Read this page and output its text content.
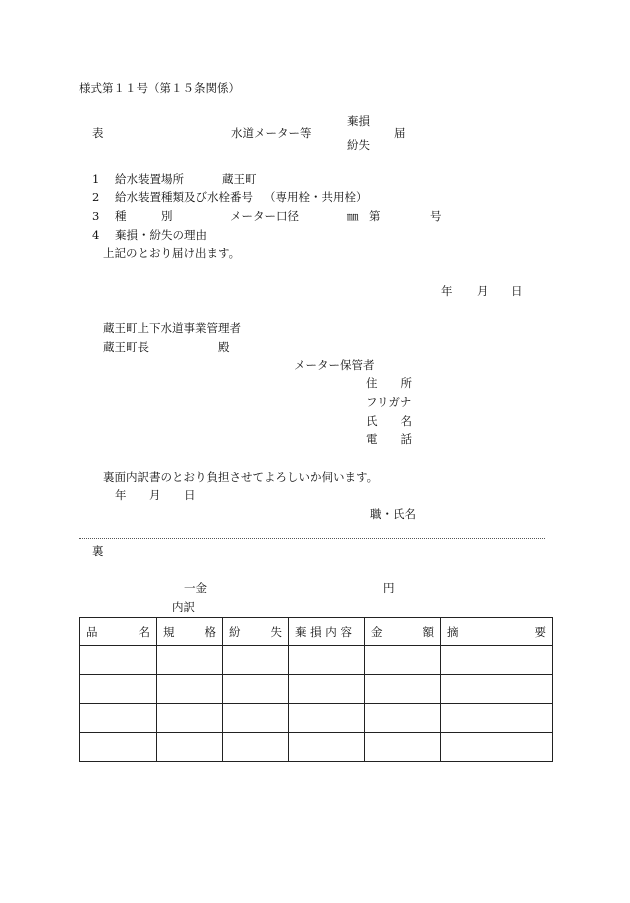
様式第１１号（第１５条関係）
表	水道メーター等
棄損
紛失
届
1 給水装置場所	蔵王町
2 給水装置種類及び水栓番号 （専用栓・共用栓）
3 種　　　別	メーター口径	㎜ 第	号
4 棄損・紛失の理由
上記のとおり届け出ます。
年 月 日
蔵王町上下水道事業管理者
蔵王町長	殿
メーター保管者
住　　所
フリガナ
氏　　名
電　　話
裏面内訳書のとおり負担させてよろしいか伺います。
年 月 日
職・氏名
裏
一金	円
内訳
品 名	規 格	紛 失	棄 損 内 容	金 額	摘 要
